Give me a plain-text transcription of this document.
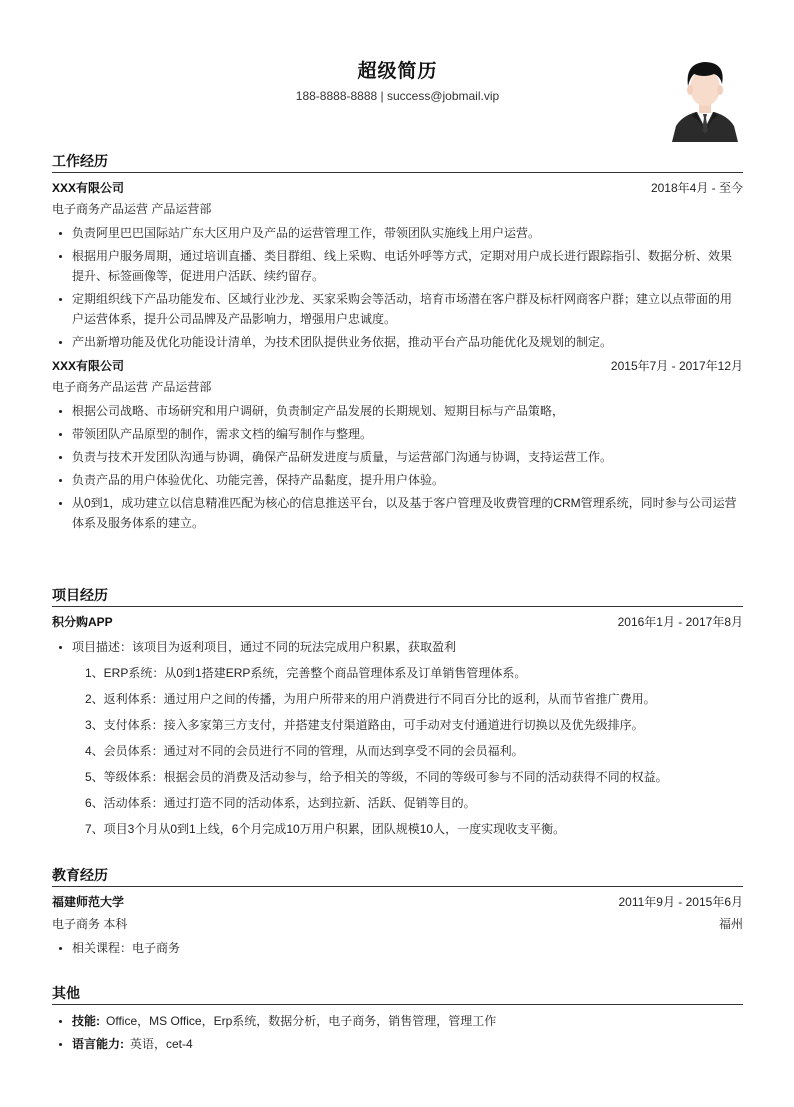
超级简历
188-8888-8888 | success@jobmail.vip
工作经历
XXX有限公司	2018年4月 - 至今
电子商务产品运营 产品运营部
• 负责阿里巴巴国际站广东大区用户及产品的运营管理工作，带领团队实施线上用户运营。
• 根据用户服务周期，通过培训直播、类目群组、线上采购、电话外呼等方式，定期对用户成长进行跟踪指引、数据分析、效果提升、标签画像等，促进用户活跃、续约留存。
• 定期组织线下产品功能发布、区域行业沙龙、买家采购会等活动，培育市场潜在客户群及标杆网商客户群；建立以点带面的用户运营体系，提升公司品牌及产品影响力，增强用户忠诚度。
• 产出新增功能及优化功能设计清单，为技术团队提供业务依据，推动平台产品功能优化及规划的制定。
XXX有限公司	2015年7月 - 2017年12月
电子商务产品运营 产品运营部
• 根据公司战略、市场研究和用户调研，负责制定产品发展的长期规划、短期目标与产品策略，
• 带领团队产品原型的制作，需求文档的编写制作与整理。
• 负责与技术开发团队沟通与协调，确保产品研发进度与质量，与运营部门沟通与协调，支持运营工作。
• 负责产品的用户体验优化、功能完善，保持产品黏度，提升用户体验。
• 从0到1，成功建立以信息精准匹配为核心的信息推送平台，以及基于客户管理及收费管理的CRM管理系统，同时参与公司运营体系及服务体系的建立。
项目经历
积分购APP	2016年1月 - 2017年8月
• 项目描述：该项目为返利项目，通过不同的玩法完成用户积累，获取盈利
1、ERP系统：从0到1搭建ERP系统，完善整个商品管理体系及订单销售管理体系。
2、返利体系：通过用户之间的传播，为用户所带来的用户消费进行不同百分比的返利，从而节省推广费用。
3、支付体系：接入多家第三方支付，并搭建支付渠道路由，可手动对支付通道进行切换以及优先级排序。
4、会员体系：通过对不同的会员进行不同的管理，从而达到享受不同的会员福利。
5、等级体系：根据会员的消费及活动参与，给予相关的等级，不同的等级可参与不同的活动获得不同的权益。
6、活动体系：通过打造不同的活动体系，达到拉新、活跃、促销等目的。
7、项目3个月从0到1上线，6个月完成10万用户积累，团队规模10人，一度实现收支平衡。
教育经历
福建师范大学	2011年9月 - 2015年6月
电子商务 本科	福州
• 相关课程：电子商务
其他
• 技能: Office，MS Office，Erp系统，数据分析，电子商务，销售管理，管理工作
• 语言能力: 英语，cet-4
